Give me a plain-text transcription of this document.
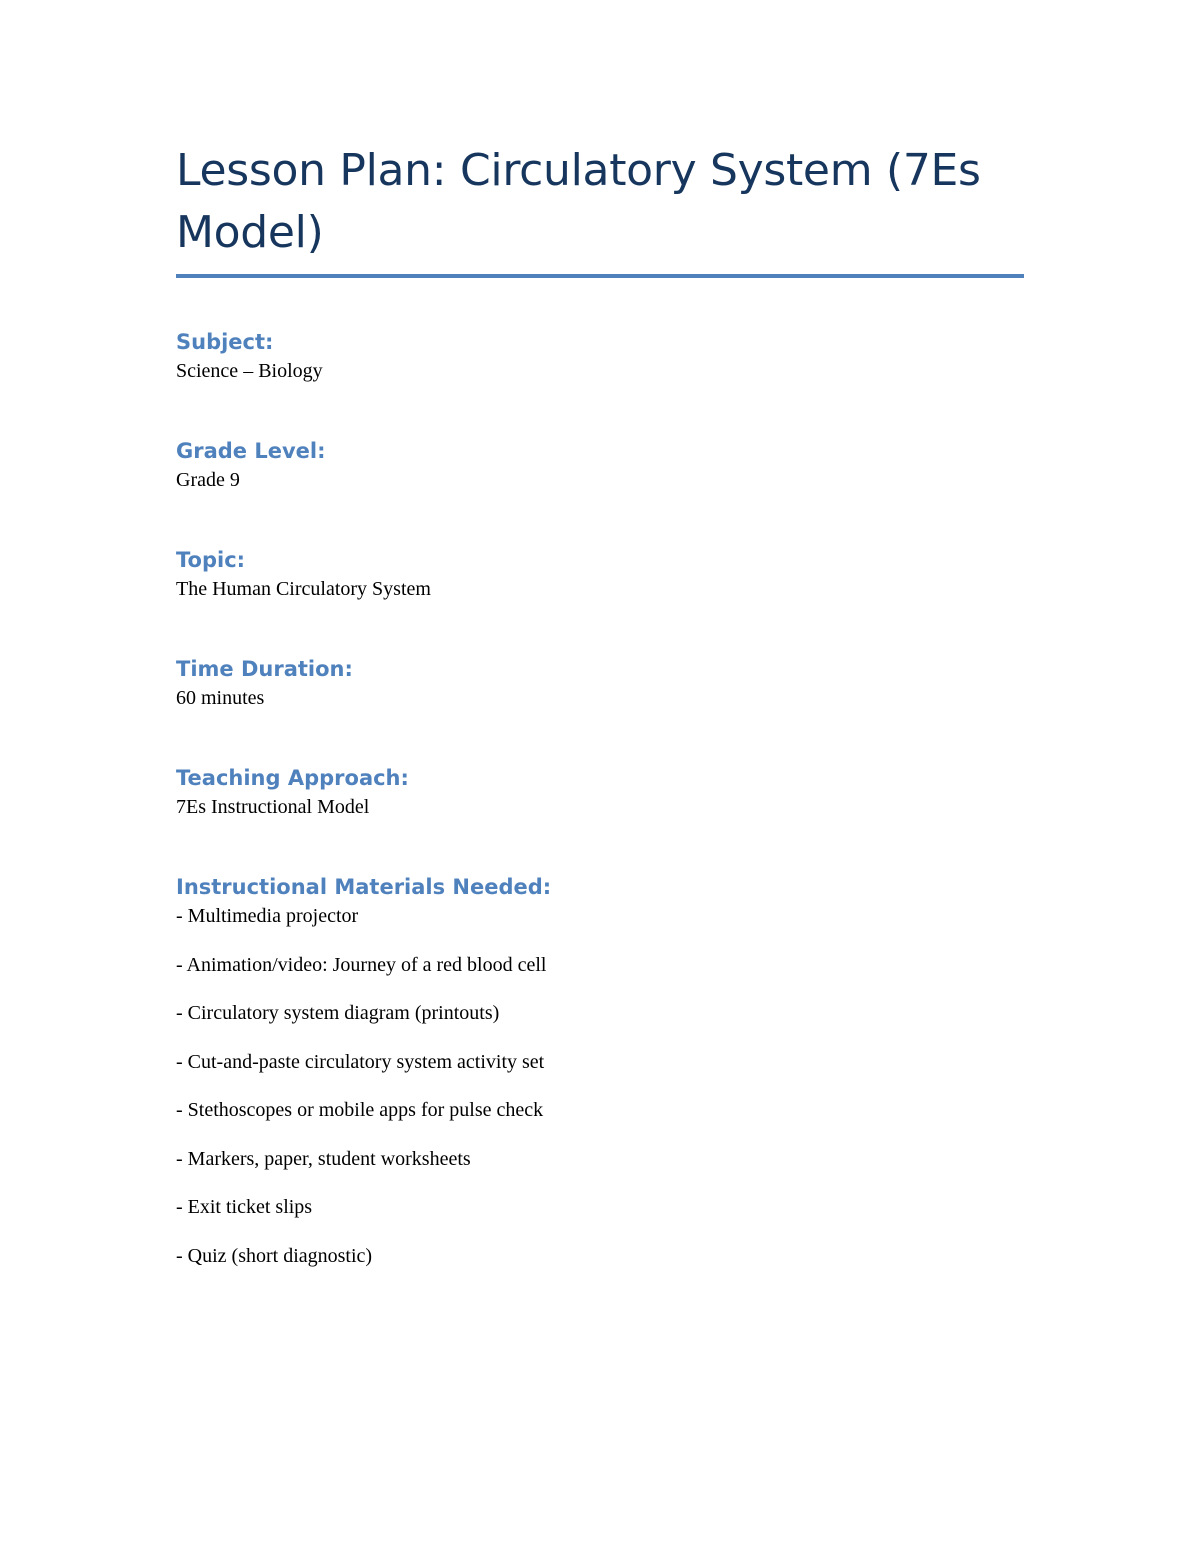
Lesson Plan: Circulatory System (7Es Model)

Subject:

Science – Biology

Grade Level:

Grade 9

Topic:

The Human Circulatory System

Time Duration:

60 minutes

Teaching Approach:

7Es Instructional Model

Instructional Materials Needed:

- Multimedia projector
- Animation/video: Journey of a red blood cell
- Circulatory system diagram (printouts)
- Cut-and-paste circulatory system activity set
- Stethoscopes or mobile apps for pulse check
- Markers, paper, student worksheets
- Exit ticket slips
- Quiz (short diagnostic)
